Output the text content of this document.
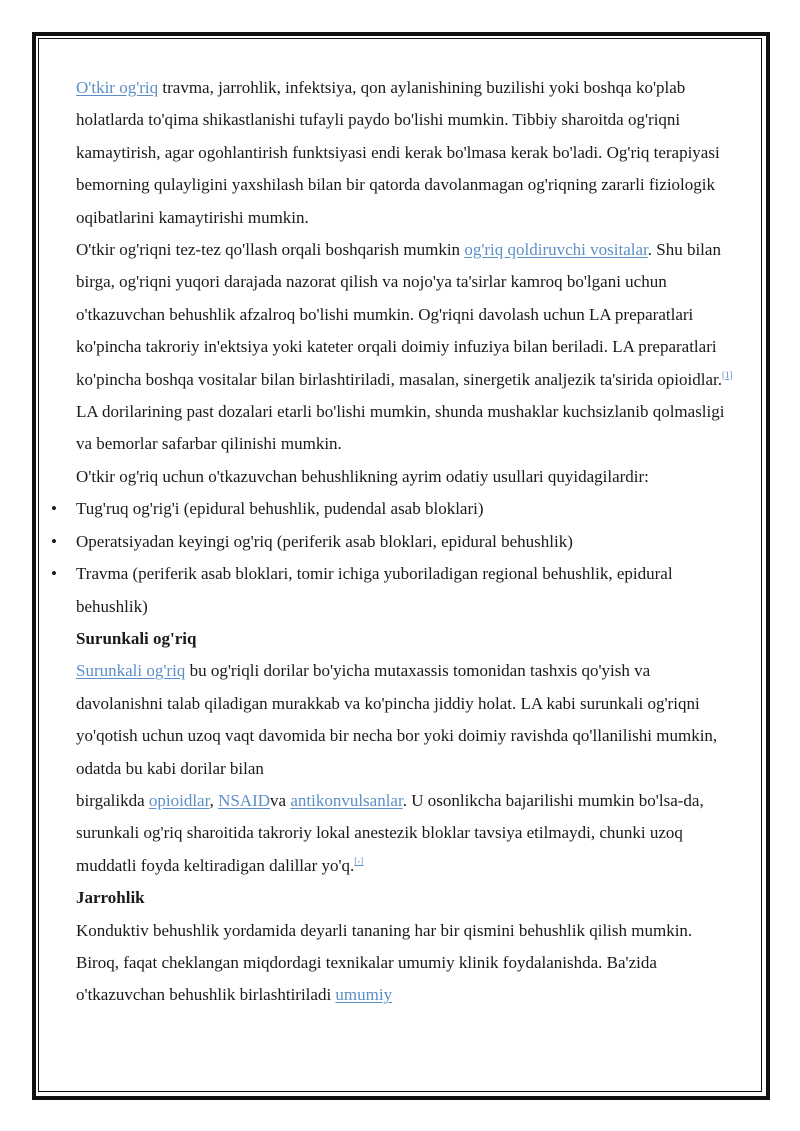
O'tkir og'riq travma, jarrohlik, infektsiya, qon aylanishining buzilishi yoki boshqa ko'plab holatlarda to'qima shikastlanishi tufayli paydo bo'lishi mumkin. Tibbiy sharoitda og'riqni kamaytirish, agar ogohlantirish funktsiyasi endi kerak bo'lmasa kerak bo'ladi. Og'riq terapiyasi bemorning qulayligini yaxshilash bilan bir qatorda davolanmagan og'riqning zararli fiziologik oqibatlarini kamaytirishi mumkin.

O'tkir og'riqni tez-tez qo'llash orqali boshqarish mumkin og'riq qoldiruvchi vositalar. Shu bilan birga, og'riqni yuqori darajada nazorat qilish va nojo'ya ta'sirlar kamroq bo'lgani uchun o'tkazuvchan behushlik afzalroq bo'lishi mumkin. Og'riqni davolash uchun LA preparatlari ko'pincha takroriy in'ektsiya yoki kateter orqali doimiy infuziya bilan beriladi. LA preparatlari ko'pincha boshqa vositalar bilan birlashtiriladi, masalan, sinergetik analjezik ta'sirida opioidlar.[1] LA dorilarining past dozalari etarli bo'lishi mumkin, shunda mushaklar kuchsizlanib qolmasligi va bemorlar safarbar qilinishi mumkin.

O'tkir og'riq uchun o'tkazuvchan behushlikning ayrim odatiy usullari quyidagilardir:

• Tug'ruq og'rig'i (epidural behushlik, pudendal asab bloklari)
• Operatsiyadan keyingi og'riq (periferik asab bloklari, epidural behushlik)
• Travma (periferik asab bloklari, tomir ichiga yuboriladigan regional behushlik, epidural behushlik)
Surunkali og'riq

Surunkali og'riq bu og'riqli dorilar bo'yicha mutaxassis tomonidan tashxis qo'yish va davolanishni talab qiladigan murakkab va ko'pincha jiddiy holat. LA kabi surunkali og'riqni yo'qotish uchun uzoq vaqt davomida bir necha bor yoki doimiy ravishda qo'llanilishi mumkin, odatda bu kabi dorilar bilan
birgalikda opioidlar, NSAIDva antikonvulsanlar. U osonlikcha bajarilishi mumkin bo'lsa-da, surunkali og'riq sharoitida takroriy lokal anestezik bloklar tavsiya etilmaydi, chunki uzoq muddatli foyda keltiradigan dalillar yo'q.[-]

Jarrohlik

Konduktiv behushlik yordamida deyarli tananing har bir qismini behushlik qilish mumkin. Biroq, faqat cheklangan miqdordagi texnikalar umumiy klinik foydalanishda. Ba'zida o'tkazuvchan behushlik birlashtiriladi umumiy
